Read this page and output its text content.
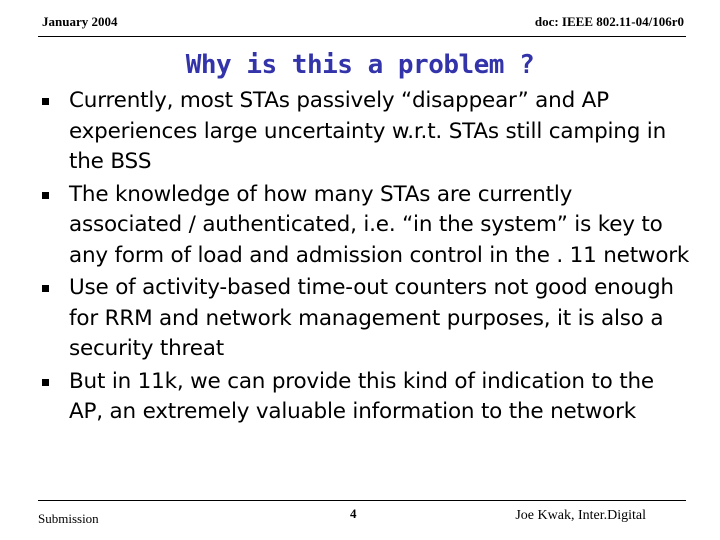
January 2004	doc: IEEE 802.11-04/106r0
Why is this a problem ?
Currently, most STAs passively “disappear” and AP experiences large uncertainty w.r.t. STAs still camping in the BSS
The knowledge of how many STAs are currently associated / authenticated, i.e. “in the system” is key to any form of load and admission control in the . 11 network
Use of activity-based time-out counters not good enough for RRM and network management purposes, it is also a security threat
But in 11k, we can provide this kind of indication to the AP, an extremely valuable information to the network
Submission	4	Joe Kwak, Inter.Digital
